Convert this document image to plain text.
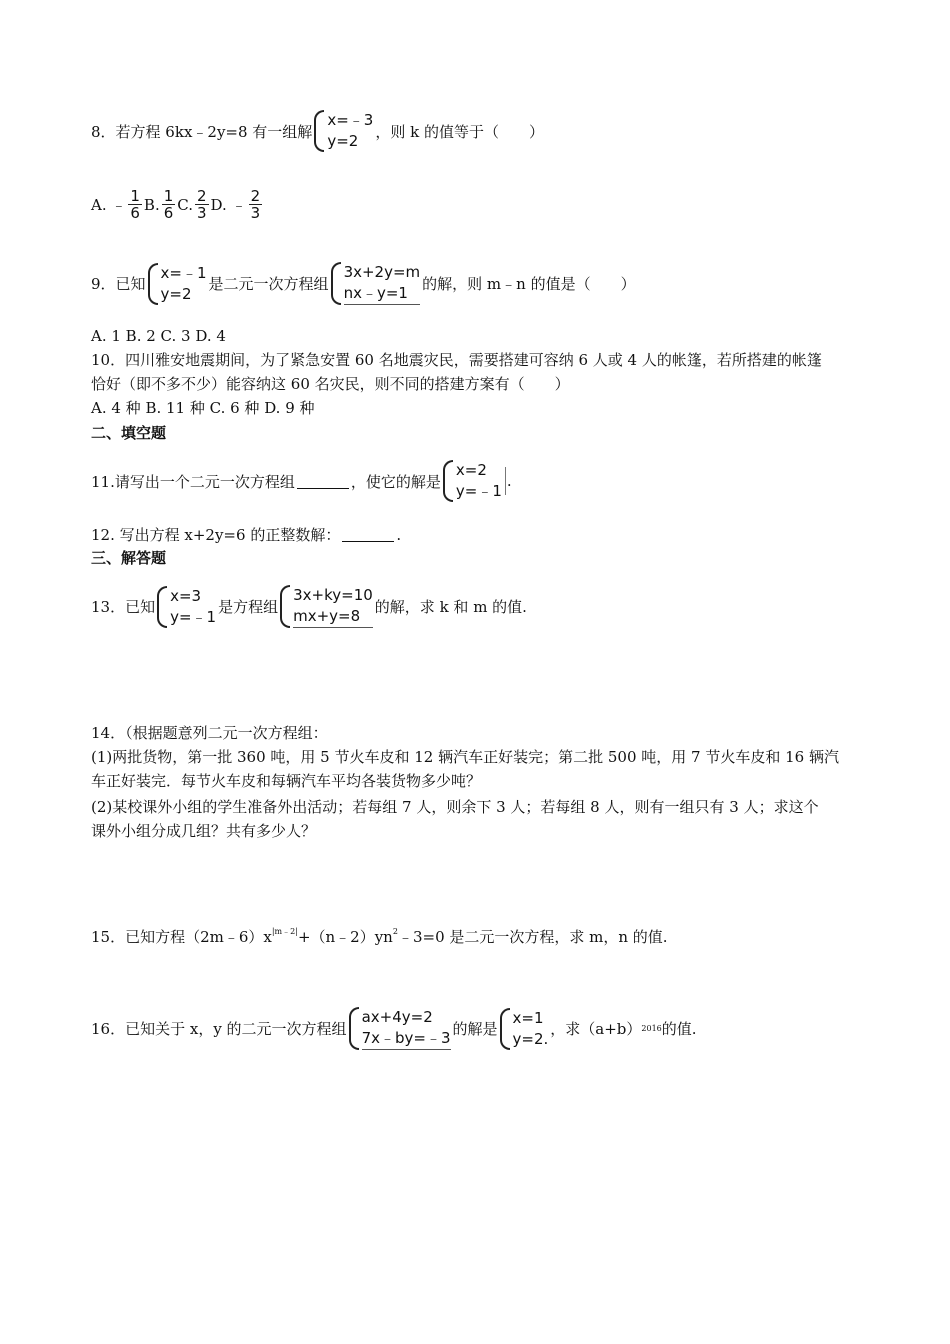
8．若方程 6kx﹣2y=8 有一组解
x=﹣3
y=2
，则 k 的值等于（　　）
A. ﹣ $\frac{1}{6} B$. $\frac{1}{6} C$. $\frac{2}{3} D$. ﹣ $\frac{2}{3}$
9．已知
x=﹣1
y=2
是二元一次方程组
3x+2y=m
nx﹣y=1 的解，则 m﹣n 的值是（　　）
A. 1 B. 2 C. 3 D. 4
10．四川雅安地震期间，为了紧急安置 60 名地震灾民，需要搭建可容纳 6 人或 4 人的帐篷，若所搭建的帐篷
恰好（即不多不少）能容纳这 60 名灾民，则不同的搭建方案有（　　）
A. 4 种 B. 11 种 C. 6 种 D. 9 种
二、填空题
11.请写出一个二元一次方程组	，使它的解是
x=2
y=﹣1
.
12. 写出方程 x+2y=6 的正整数解：	.
三、解答题
13．已知
x=3
y=﹣1
是方程组
3x+ky=10
mx+y=8 的解，求 k 和 m 的值.
14．（根据题意列二元一次方程组：
(1)两批货物，第一批 360 吨，用 5 节火车皮和 12 辆汽车正好装完；第二批 500 吨，用 7 节火车皮和 16 辆汽
车正好装完．每节火车皮和每辆汽车平均各装货物多少吨？
(2)某校课外小组的学生准备外出活动；若每组 7 人，则余下 3 人；若每组 8 人，则有一组只有 3 人；求这个
课外小组分成几组？共有多少人？
15．已知方程$(2m﹣6)x^{|m﹣2|}+(n﹣2)yn^2﹣3=0$ 是二元一次方程，求 m，n 的值.
16．已知关于 x，y 的二元一次方程组
ax+4y=2
7x﹣by=﹣3 的解是
x=1
y=2.
，求（a+b） 2016 的值.
